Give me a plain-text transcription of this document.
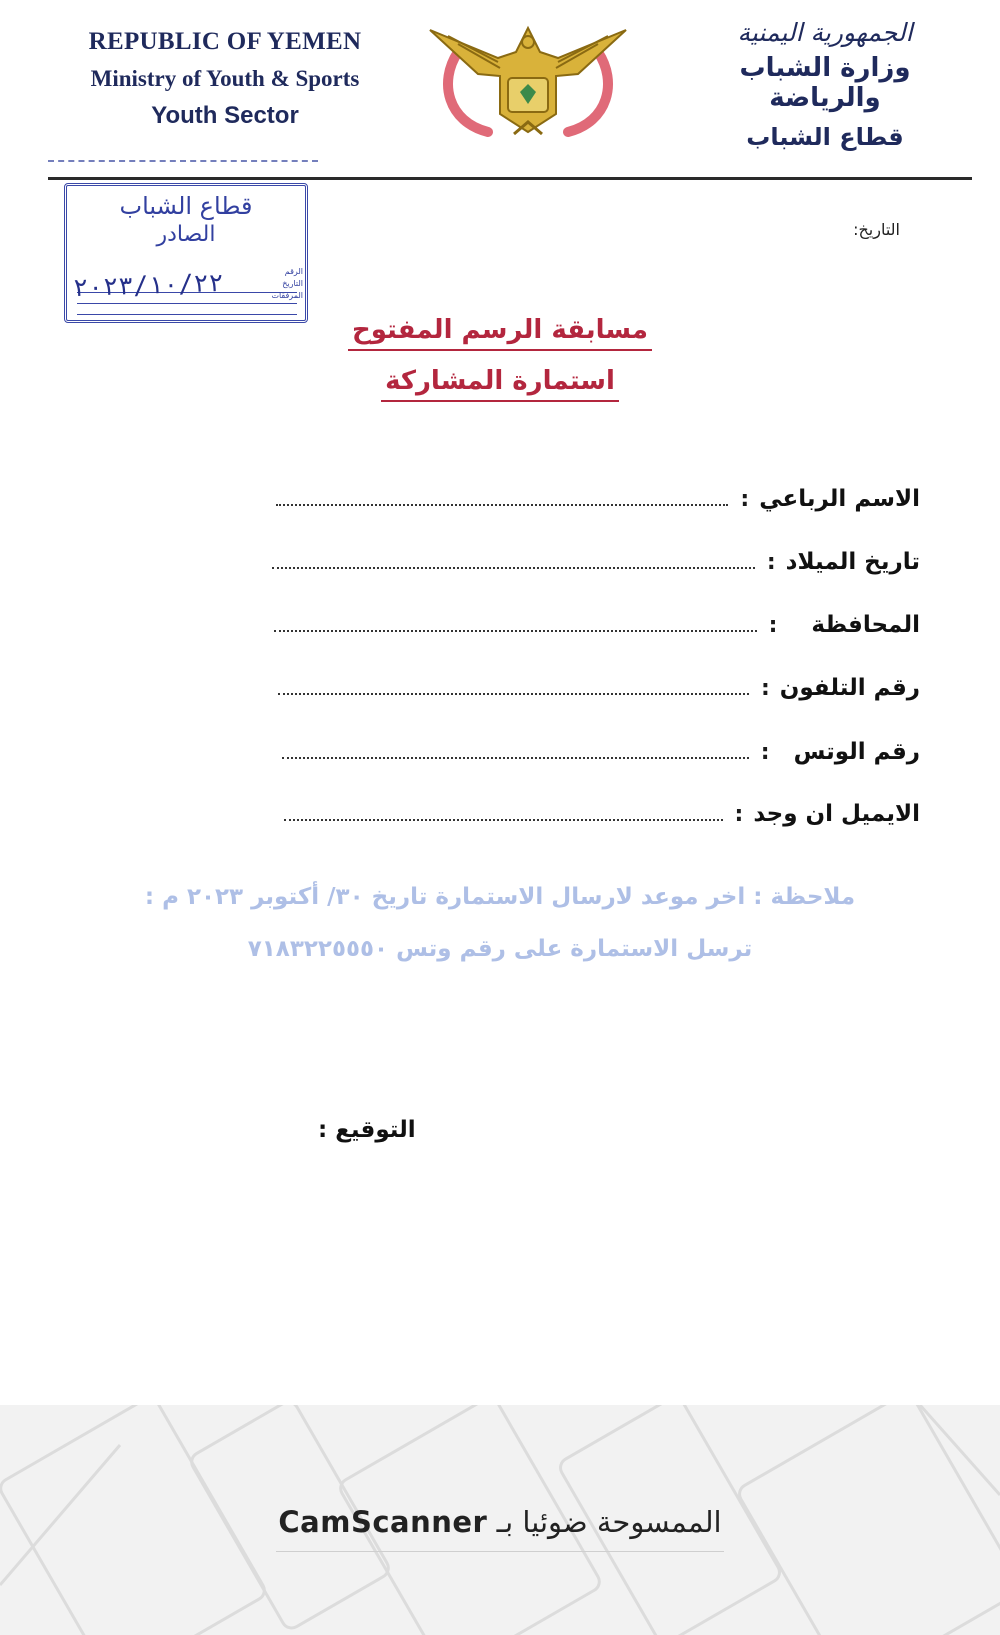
REPUBLIC OF YEMEN
Ministry of Youth & Sports
Youth Sector
الجمهورية اليمنية
وزارة الشباب والرياضة
قطاع الشباب
قطاع الشباب
الصادر
الرقم
التاريخ
المرفقات
٢٠٢٣/١٠/٢٢
التاريخ:
مسابقة الرسم المفتوح
استمارة المشاركة
الاسم الرباعي
:
تاريخ الميلاد
:
المحافظة
:
رقم التلفون
:
رقم الوتس
:
الايميل ان وجد
:
ملاحظة : اخر موعد لارسال الاستمارة تاريخ ٣٠/ أكتوبر ٢٠٢٣ م :
ترسل الاستمارة على رقم وتس ٧١٨٣٢٢٥٥٥٠
التوقيع :
CamScanner الممسوحة ضوئيا بـ
